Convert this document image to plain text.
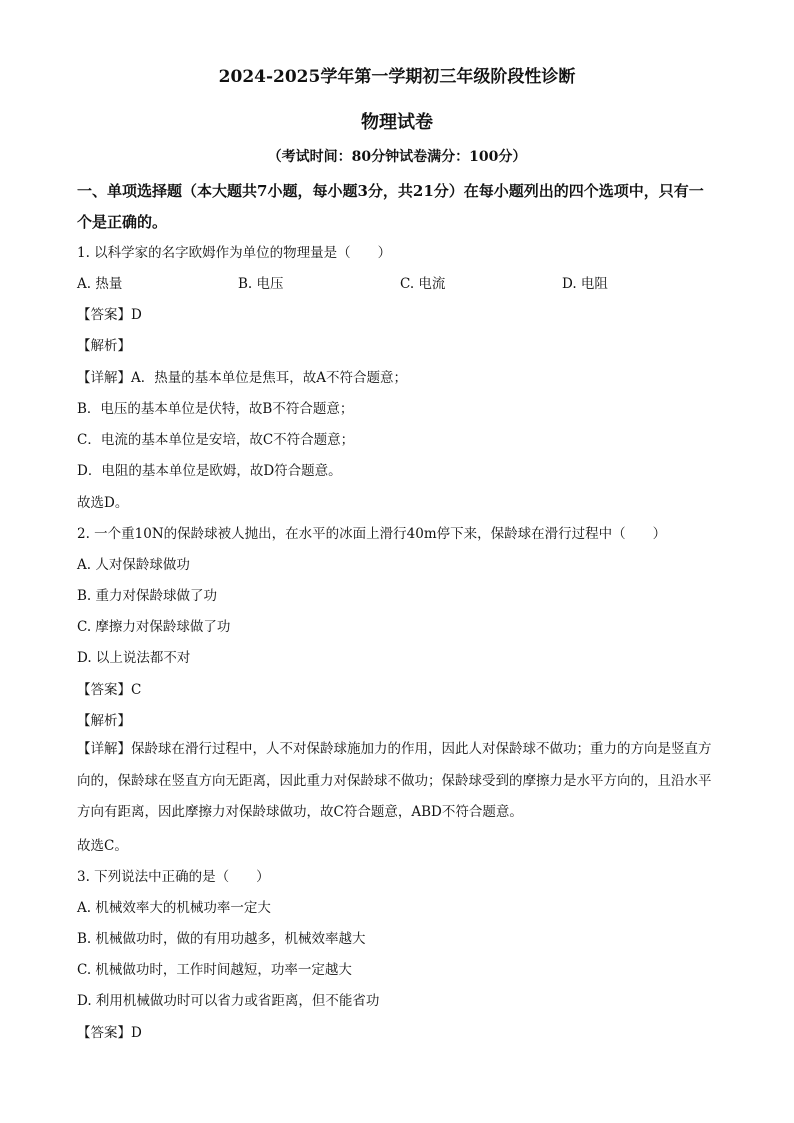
2024-2025学年第一学期初三年级阶段性诊断
物理试卷
（考试时间：80分钟试卷满分：100分）
一、单项选择题（本大题共7小题，每小题3分，共21分）在每小题列出的四个选项中，只有一个是正确的。
1. 以科学家的名字欧姆作为单位的物理量是（　　）
A. 热量	B. 电压	C. 电流	D. 电阻
【答案】D
【解析】
【详解】A．热量的基本单位是焦耳，故A不符合题意；
B．电压的基本单位是伏特，故B不符合题意；
C．电流的基本单位是安培，故C不符合题意；
D．电阻的基本单位是欧姆，故D符合题意。
故选D。
2. 一个重10N的保龄球被人抛出，在水平的冰面上滑行40m停下来，保龄球在滑行过程中（　　）
A. 人对保龄球做功
B. 重力对保龄球做了功
C. 摩擦力对保龄球做了功
D. 以上说法都不对
【答案】C
【解析】
【详解】保龄球在滑行过程中，人不对保龄球施加力的作用，因此人对保龄球不做功；重力的方向是竖直方向的，保龄球在竖直方向无距离，因此重力对保龄球不做功；保龄球受到的摩擦力是水平方向的，且沿水平方向有距离，因此摩擦力对保龄球做功，故C符合题意，ABD不符合题意。
故选C。
3. 下列说法中正确的是（　　）
A. 机械效率大的机械功率一定大
B. 机械做功时，做的有用功越多，机械效率越大
C. 机械做功时，工作时间越短，功率一定越大
D. 利用机械做功时可以省力或省距离，但不能省功
【答案】D
